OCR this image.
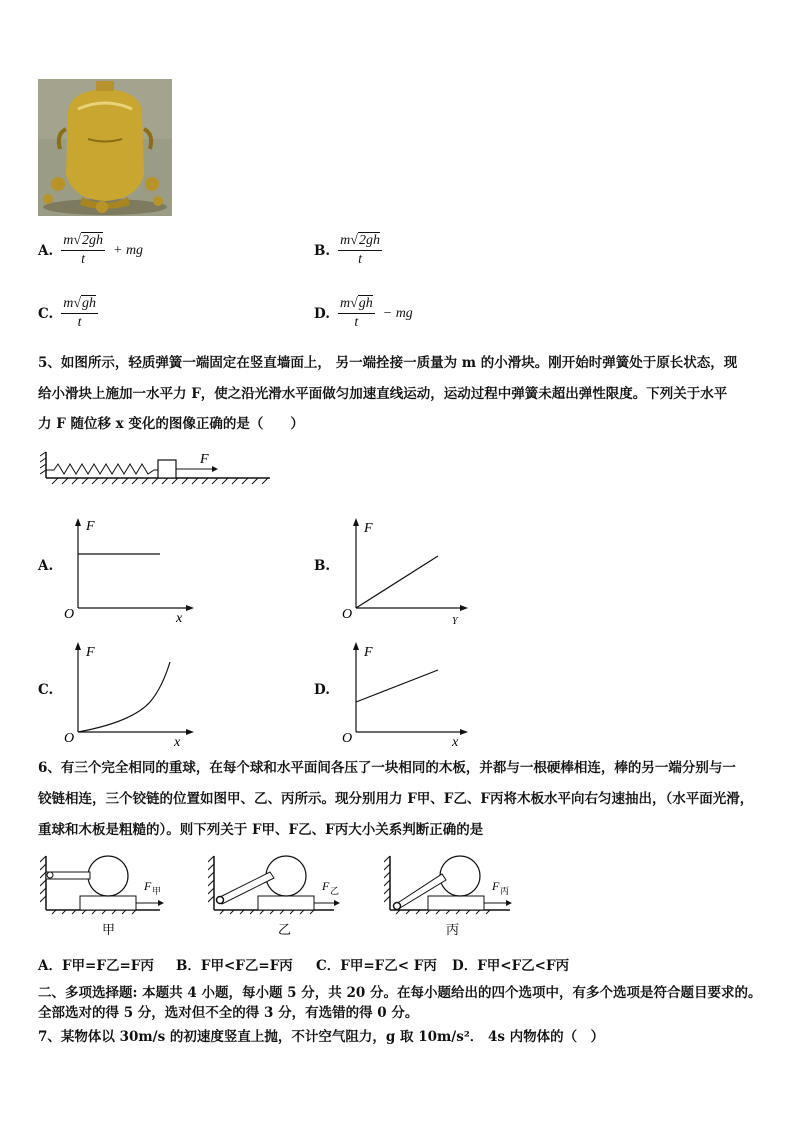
A. $\frac{m√2gh}{t}$ + mg	B. $\frac{m√2gh}{t}$
C. $\frac{m√gh}{t}$	D. $\frac{m√gh}{t}$ − mg
5、如图所示，轻质弹簧一端固定在竖直墙面上， 另一端拴接一质量为 m 的小滑块。刚开始时弹簧处于原长状态，现
给小滑块上施加一水平力 F，使之沿光滑水平面做匀加速直线运动，运动过程中弹簧未超出弹性限度。下列关于水平
力 F 随位移 x 变化的图像正确的是（　　）
F
A.
F
x
O
B.
F
Y
O
C.
F
x
O
D.
F
x
O
6、有三个完全相同的重球，在每个球和水平面间各压了一块相同的木板，并都与一根硬棒相连，棒的另一端分别与一
铰链相连，三个铰链的位置如图甲、乙、丙所示。现分别用力 F甲、F乙、F丙将木板水平向右匀速抽出，（水平面光滑，
重球和木板是粗糙的）。则下列关于 F甲、F乙、F丙大小关系判断正确的是
F 甲
甲
F 乙
乙
F 丙
丙
A．F甲=F乙=F丙 B．F甲<F乙=F丙 C．F甲=F乙< F丙 D．F甲<F乙<F丙
二、多项选择题: 本题共 4 小题，每小题 5 分，共 20 分。在每小题给出的四个选项中，有多个选项是符合题目要求的。
全部选对的得 5 分，选对但不全的得 3 分，有选错的得 0 分。
7、某物体以 30m/s 的初速度竖直上抛，不计空气阻力，g 取 10m/s²． 4s 内物体的（　）
